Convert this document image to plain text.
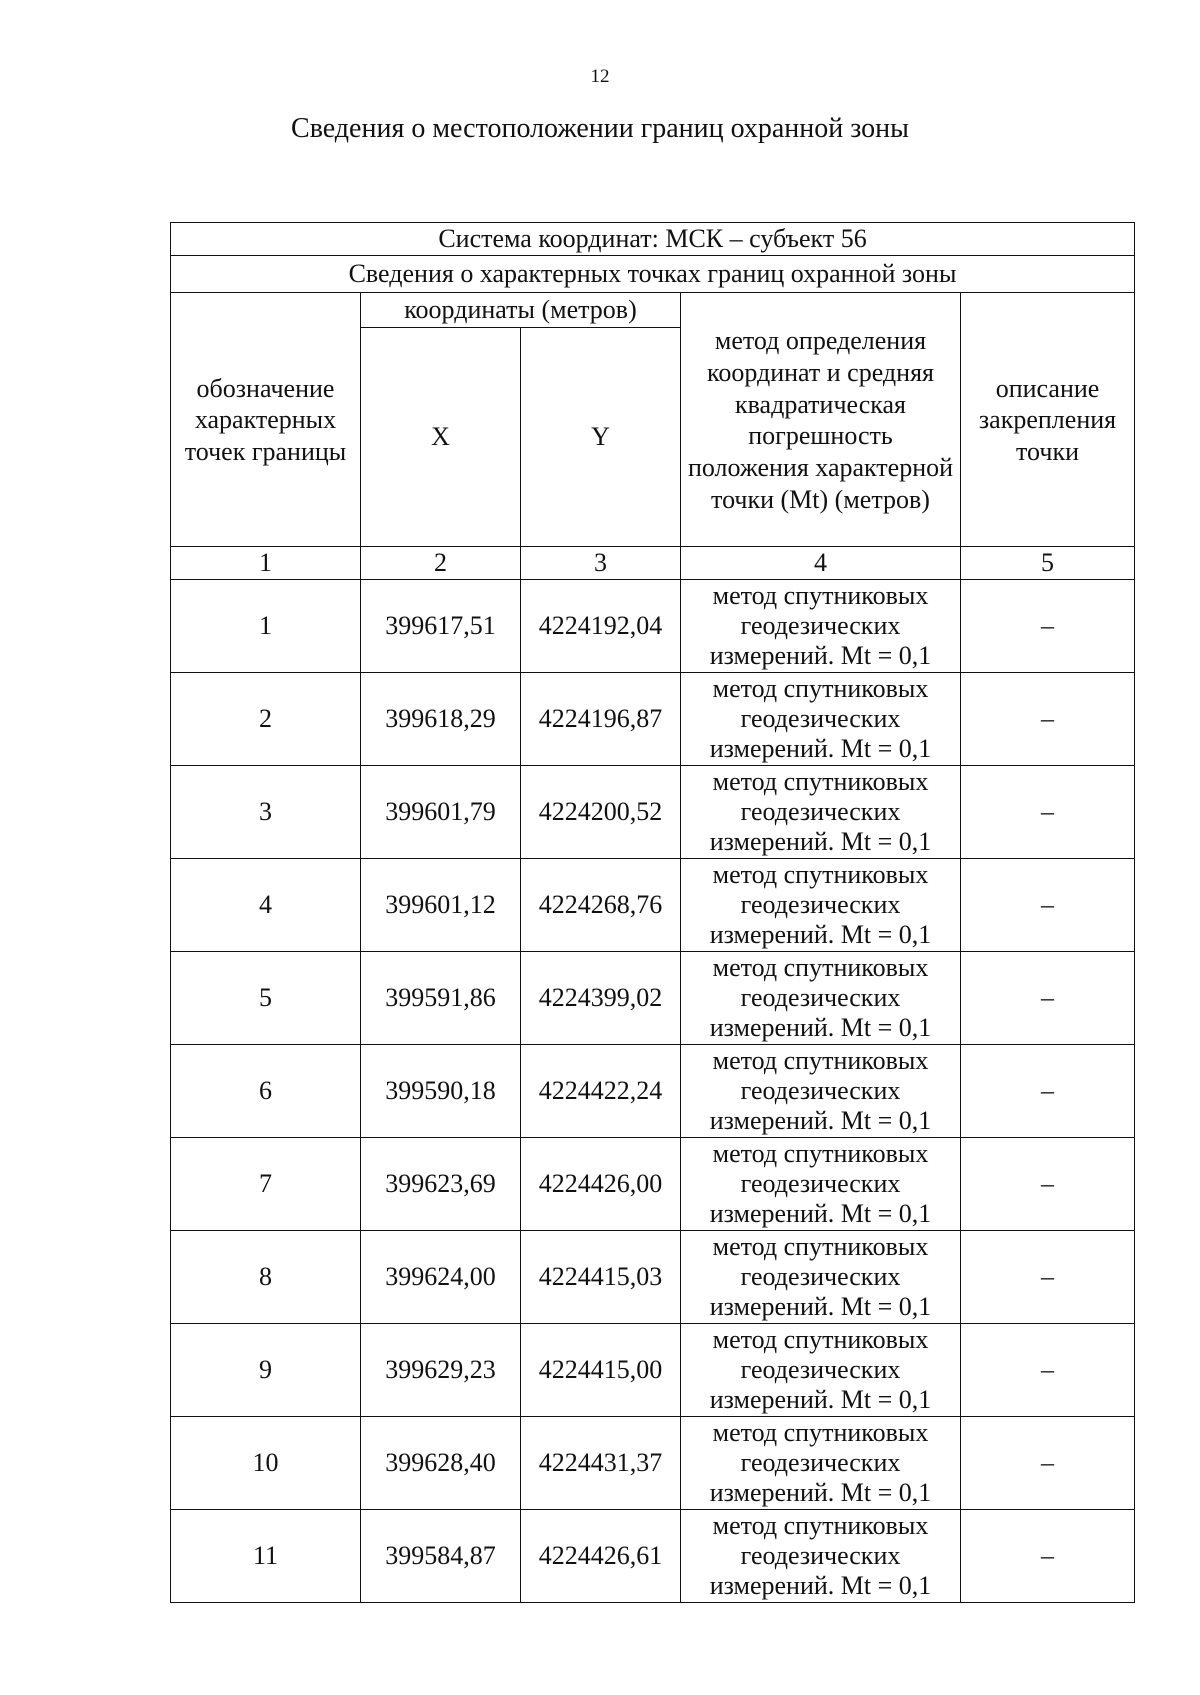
12
Сведения о местоположении границ охранной зоны
Система координат: МСК – субъект 56				
Сведения о характерных точках границ охранной зоны				
обозначение характерных точек границы	координаты (метров)		метод определения координат и средняя квадратическая погрешность положения характерной точки (Mt) (метров)	описание закрепления точки
	X	Y		

1	2	3	4	5
1	399617,51	4224192,04	метод спутниковых геодезических измерений. Mt = 0,1	–
2	399618,29	4224196,87	метод спутниковых геодезических измерений. Mt = 0,1	–
3	399601,79	4224200,52	метод спутниковых геодезических измерений. Mt = 0,1	–
4	399601,12	4224268,76	метод спутниковых геодезических измерений. Mt = 0,1	–
5	399591,86	4224399,02	метод спутниковых геодезических измерений. Mt = 0,1	–
6	399590,18	4224422,24	метод спутниковых геодезических измерений. Mt = 0,1	–
7	399623,69	4224426,00	метод спутниковых геодезических измерений. Mt = 0,1	–
8	399624,00	4224415,03	метод спутниковых геодезических измерений. Mt = 0,1	–
9	399629,23	4224415,00	метод спутниковых геодезических измерений. Mt = 0,1	–
10	399628,40	4224431,37	метод спутниковых геодезических измерений. Mt = 0,1	–
11	399584,87	4224426,61	метод спутниковых геодезических измерений. Mt = 0,1	–
